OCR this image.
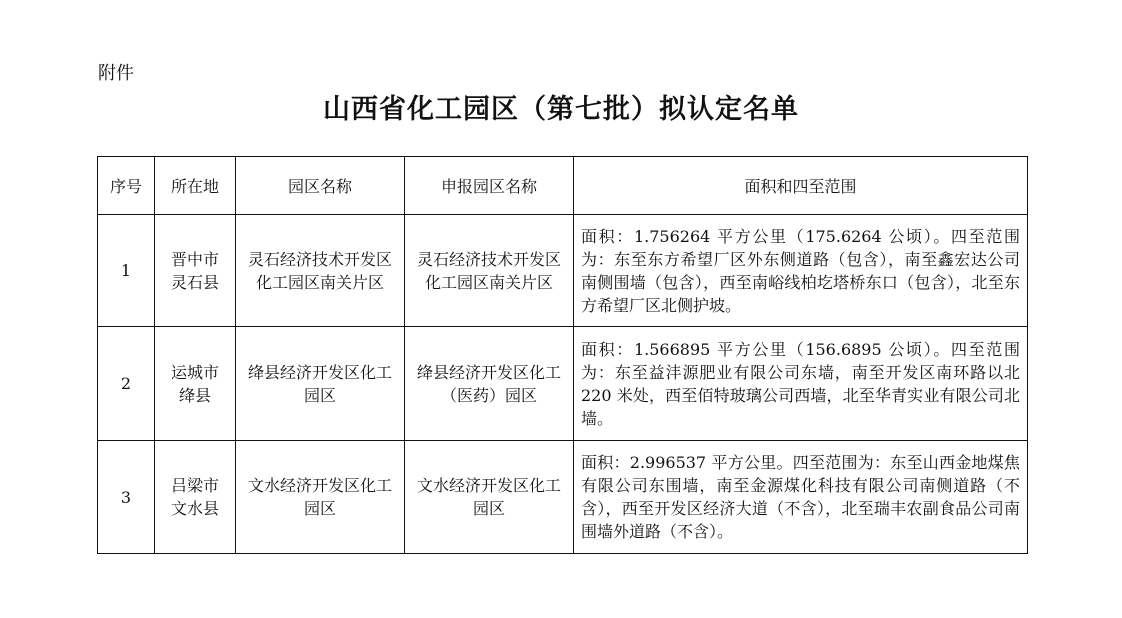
附件
山西省化工园区（第七批）拟认定名单
序号	所在地	园区名称	申报园区名称	面积和四至范围

1	晋中市灵石县	灵石经济技术开发区化工园区南关片区	灵石经济技术开发区化工园区南关片区	面积：1.756264 平方公里（175.6264 公顷）。四至范围为：东至东方希望厂区外东侧道路（包含），南至鑫宏达公司南侧围墙（包含），西至南峪线柏圪塔桥东口（包含），北至东方希望厂区北侧护坡。

2	运城市绛县	绛县经济开发区化工园区	绛县经济开发区化工（医药）园区	面积：1.566895 平方公里（156.6895 公顷）。四至范围为：东至益沣源肥业有限公司东墙，南至开发区南环路以北 220 米处，西至佰特玻璃公司西墙，北至华青实业有限公司北墙。

3	吕梁市文水县	文水经济开发区化工园区	文水经济开发区化工园区	面积：2.996537 平方公里。四至范围为：东至山西金地煤焦有限公司东围墙，南至金源煤化科技有限公司南侧道路（不含），西至开发区经济大道（不含），北至瑞丰农副食品公司南围墙外道路（不含）。
